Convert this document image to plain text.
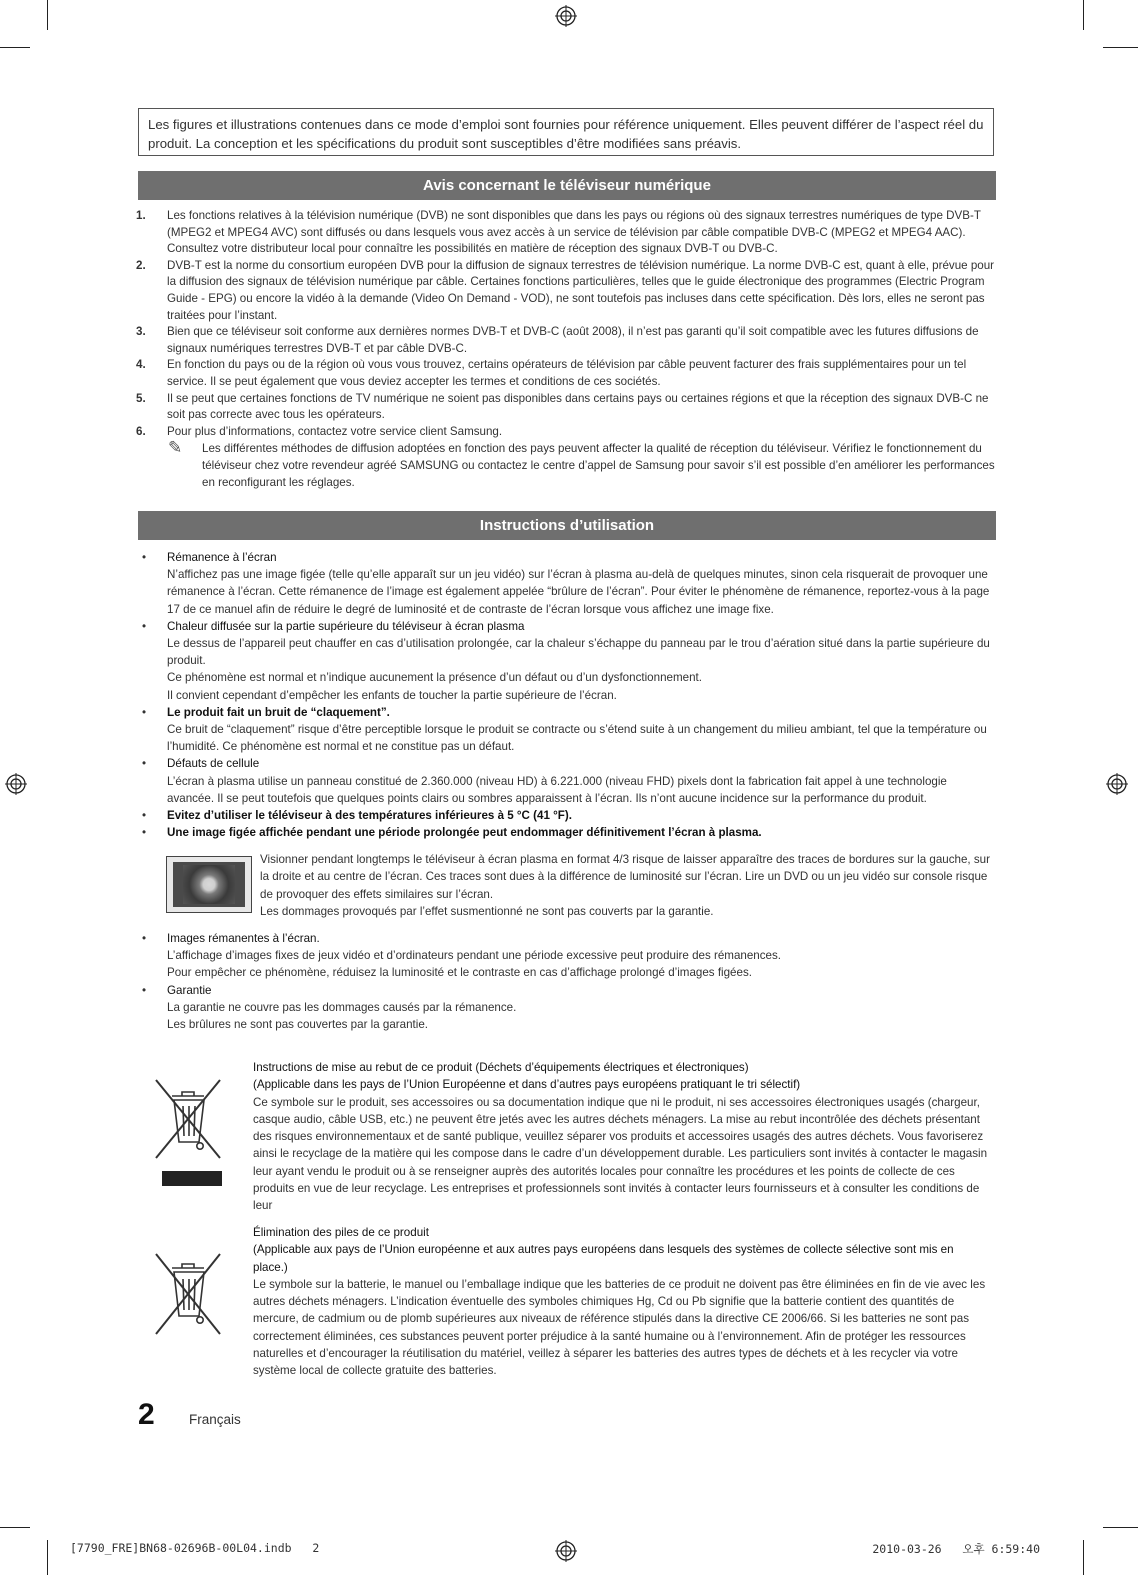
Les figures et illustrations contenues dans ce mode d’emploi sont fournies pour référence uniquement. Elles peuvent différer de l’aspect réel du produit. La conception et les spécifications du produit sont susceptibles d’être modifiées sans préavis.
Avis concernant le téléviseur numérique
1. Les fonctions relatives à la télévision numérique (DVB) ne sont disponibles que dans les pays ou régions où des signaux terrestres numériques de type DVB-T (MPEG2 et MPEG4 AVC) sont diffusés ou dans lesquels vous avez accès à un service de télévision par câble compatible DVB-C (MPEG2 et MPEG4 AAC). Consultez votre distributeur local pour connaître les possibilités en matière de réception des signaux DVB-T ou DVB-C.
2. DVB-T est la norme du consortium européen DVB pour la diffusion de signaux terrestres de télévision numérique. La norme DVB-C est, quant à elle, prévue pour la diffusion des signaux de télévision numérique par câble. Certaines fonctions particulières, telles que le guide électronique des programmes (Electric Program Guide - EPG) ou encore la vidéo à la demande (Video On Demand - VOD), ne sont toutefois pas incluses dans cette spécification. Dès lors, elles ne seront pas traitées pour l’instant.
3. Bien que ce téléviseur soit conforme aux dernières normes DVB-T et DVB-C (août 2008), il n’est pas garanti qu’il soit compatible avec les futures diffusions de signaux numériques terrestres DVB-T et par câble DVB-C.
4. En fonction du pays ou de la région où vous vous trouvez, certains opérateurs de télévision par câble peuvent facturer des frais supplémentaires pour un tel service. Il se peut également que vous deviez accepter les termes et conditions de ces sociétés.
5. Il se peut que certaines fonctions de TV numérique ne soient pas disponibles dans certains pays ou certaines régions et que la réception des signaux DVB-C ne soit pas correcte avec tous les opérateurs.
6. Pour plus d’informations, contactez votre service client Samsung.
✎ Les différentes méthodes de diffusion adoptées en fonction des pays peuvent affecter la qualité de réception du téléviseur. Vérifiez le fonctionnement du téléviseur chez votre revendeur agréé SAMSUNG ou contactez le centre d’appel de Samsung pour savoir s’il est possible d’en améliorer les performances en reconfigurant les réglages.
Instructions d’utilisation
• Rémanence à l’écran
N’affichez pas une image figée (telle qu’elle apparaît sur un jeu vidéo) sur l’écran à plasma au-delà de quelques minutes, sinon cela risquerait de provoquer une rémanence à l’écran. Cette rémanence de l’image est également appelée “brûlure de l’écran”. Pour éviter le phénomène de rémanence, reportez-vous à la page 17 de ce manuel afin de réduire le degré de luminosité et de contraste de l’écran lorsque vous affichez une image fixe.
• Chaleur diffusée sur la partie supérieure du téléviseur à écran plasma
Le dessus de l’appareil peut chauffer en cas d’utilisation prolongée, car la chaleur s’échappe du panneau par le trou d’aération situé dans la partie supérieure du produit.
Ce phénomène est normal et n’indique aucunement la présence d’un défaut ou d’un dysfonctionnement.
Il convient cependant d’empêcher les enfants de toucher la partie supérieure de l’écran.
• Le produit fait un bruit de “claquement”.
Ce bruit de “claquement” risque d’être perceptible lorsque le produit se contracte ou s’étend suite à un changement du milieu ambiant, tel que la température ou l’humidité. Ce phénomène est normal et ne constitue pas un défaut.
• Défauts de cellule
L’écran à plasma utilise un panneau constitué de 2.360.000 (niveau HD) à 6.221.000 (niveau FHD) pixels dont la fabrication fait appel à une technologie avancée. Il se peut toutefois que quelques points clairs ou sombres apparaissent à l’écran. Ils n’ont aucune incidence sur la performance du produit.
• Evitez d’utiliser le téléviseur à des températures inférieures à 5 °C (41 °F).
• Une image figée affichée pendant une période prolongée peut endommager définitivement l’écran à plasma.
Visionner pendant longtemps le téléviseur à écran plasma en format 4/3 risque de laisser apparaître des traces de bordures sur la gauche, sur la droite et au centre de l’écran. Ces traces sont dues à la différence de luminosité sur l’écran. Lire un DVD ou un jeu vidéo sur console risque de provoquer des effets similaires sur l’écran.
Les dommages provoqués par l’effet susmentionné ne sont pas couverts par la garantie.
• Images rémanentes à l’écran.
L’affichage d’images fixes de jeux vidéo et d’ordinateurs pendant une période excessive peut produire des rémanences.
Pour empêcher ce phénomène, réduisez la luminosité et le contraste en cas d’affichage prolongé d’images figées.
• Garantie
La garantie ne couvre pas les dommages causés par la rémanence.
Les brûlures ne sont pas couvertes par la garantie.
Instructions de mise au rebut de ce produit (Déchets d’équipements électriques et électroniques)
(Applicable dans les pays de l’Union Européenne et dans d’autres pays européens pratiquant le tri sélectif)
Ce symbole sur le produit, ses accessoires ou sa documentation indique que ni le produit, ni ses accessoires électroniques usagés (chargeur, casque audio, câble USB, etc.) ne peuvent être jetés avec les autres déchets ménagers. La mise au rebut incontrôlée des déchets présentant des risques environnementaux et de santé publique, veuillez séparer vos produits et accessoires usagés des autres déchets. Vous favoriserez ainsi le recyclage de la matière qui les compose dans le cadre d’un développement durable. Les particuliers sont invités à contacter le magasin leur ayant vendu le produit ou à se renseigner auprès des autorités locales pour connaître les procédures et les points de collecte de ces produits en vue de leur recyclage. Les entreprises et professionnels sont invités à contacter leurs fournisseurs et à consulter les conditions de leur
Élimination des piles de ce produit
(Applicable aux pays de l’Union européenne et aux autres pays européens dans lesquels des systèmes de collecte sélective sont mis en place.)
Le symbole sur la batterie, le manuel ou l’emballage indique que les batteries de ce produit ne doivent pas être éliminées en fin de vie avec les autres déchets ménagers. L’indication éventuelle des symboles chimiques Hg, Cd ou Pb signifie que la batterie contient des quantités de mercure, de cadmium ou de plomb supérieures aux niveaux de référence stipulés dans la directive CE 2006/66. Si les batteries ne sont pas correctement éliminées, ces substances peuvent porter préjudice à la santé humaine ou à l’environnement. Afin de protéger les ressources naturelles et d’encourager la réutilisation du matériel, veillez à séparer les batteries des autres types de déchets et à les recycler via votre système local de collecte gratuite des batteries.
2	Français
[7790_FRE]BN68-02696B-00L04.indb   2	2010-03-26   오후 6:59:40
